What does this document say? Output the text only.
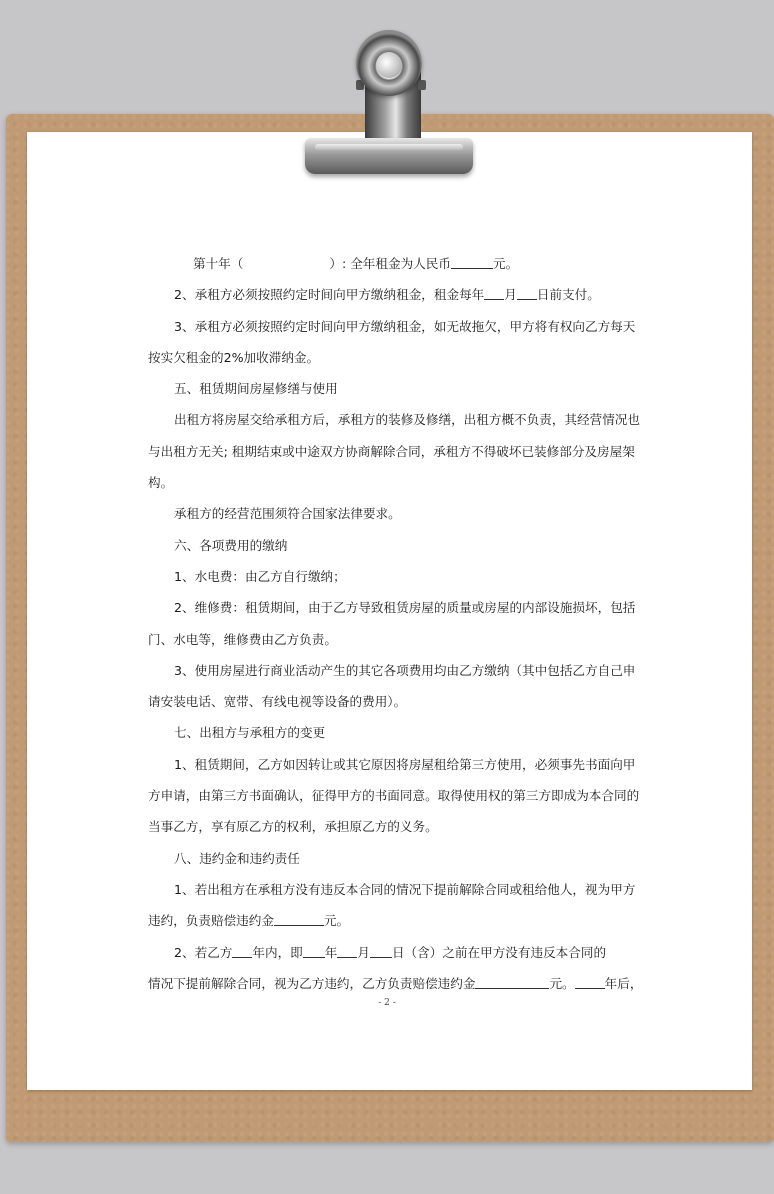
第十年（	）: 全年租金为人民币	元。
2、承租方必须按照约定时间向甲方缴纳租金，租金每年 月 日前支付。
3、承租方必须按照约定时间向甲方缴纳租金，如无故拖欠，甲方将有权向乙方每天
按实欠租金的2%加收滞纳金。
五、租赁期间房屋修缮与使用
出租方将房屋交给承租方后，承租方的装修及修缮，出租方概不负责，其经营情况也
与出租方无关; 租期结束或中途双方协商解除合同，承租方不得破坏已装修部分及房屋架
构。
承租方的经营范围须符合国家法律要求。
六、各项费用的缴纳
1、水电费：由乙方自行缴纳；
2、维修费：租赁期间，由于乙方导致租赁房屋的质量或房屋的内部设施损坏，包括
门、水电等，维修费由乙方负责。
3、使用房屋进行商业活动产生的其它各项费用均由乙方缴纳（其中包括乙方自己申
请安装电话、宽带、有线电视等设备的费用）。
七、出租方与承租方的变更
1、租赁期间，乙方如因转让或其它原因将房屋租给第三方使用，必须事先书面向甲
方申请，由第三方书面确认，征得甲方的书面同意。取得使用权的第三方即成为本合同的
当事乙方，享有原乙方的权利，承担原乙方的义务。
八、违约金和违约责任
1、若出租方在承租方没有违反本合同的情况下提前解除合同或租给他人，视为甲方
违约，负责赔偿违约金	元。
2、若乙方 年内，即 年 月 日（含）之前在甲方没有违反本合同的
情况下提前解除合同，视为乙方违约，乙方负责赔偿违约金	元。 年后，
- 2 -
